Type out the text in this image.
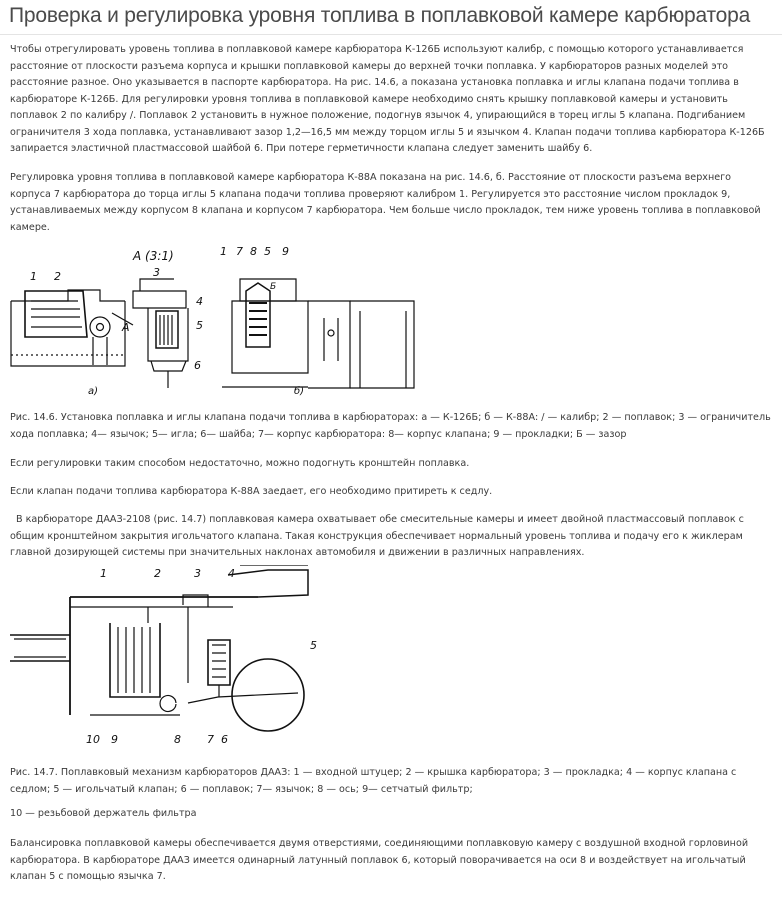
Проверка и регулировка уровня топлива в поплавковой камере карбюратора

Чтобы отрегулировать уровень топлива в поплавковой камере карбюратора К-126Б используют калибр, с помощью которого устанавливается расстояние от плоскости разъема корпуса и крышки поплавковой камеры до верхней точки поплавка. У карбюраторов разных моделей это расстояние разное. Оно указывается в паспорте карбюратора. На рис. 14.6, а показана установка поплавка и иглы клапана подачи топлива в карбюраторе К-126Б. Для регулировки уровня топлива в поплавковой камере необходимо снять крышку поплавковой камеры и установить поплавок 2 по калибру /. Поплавок 2 установить в нужное положение, подогнув язычок 4, упирающийся в торец иглы 5 клапана. Подгибанием ограничителя 3 хода поплавка, устанавливают зазор 1,2—16,5 мм между торцом иглы 5 и язычком 4. Клапан подачи топлива карбюратора К-126Б запирается эластичной пластмассовой шайбой 6. При потере герметичности клапана следует заменить шайбу 6.

Регулировка уровня топлива в поплавковой камере карбюратора К-88А показана на рис. 14.6, б. Расстояние от плоскости разъема верхнего корпуса 7 карбюратора до торца иглы 5 клапана подачи топлива проверяют калибром 1. Регулируется это расстояние числом прокладок 9, устанавливаемых между корпусом 8 клапана и корпусом 7 карбюратора. Чем больше число прокладок, тем ниже уровень топлива в поплавковой камере.

1 2
А (3:1)
3
4
5
6
А
а)
1 7 8 5 9
Б
б)

Рис. 14.6. Установка поплавка и иглы клапана подачи топлива в карбюраторах: а — К-126Б; б — К-88А: / — калибр; 2 — поплавок; 3 — ограничитель хода поплавка; 4— язычок; 5— игла; 6— шайба; 7— корпус карбюратора: 8— корпус клапана; 9 — прокладки; Б — зазор

Если регулировки таким способом недостаточно, можно подогнуть кронштейн поплавка.

Если клапан подачи топлива карбюратора К-88А заедает, его необходимо притиреть к седлу.

В карбюраторе ДААЗ-2108 (рис. 14.7) поплавковая камера охватывает обе смесительные камеры и имеет двойной пластмассовый поплавок с общим кронштейном закрытия игольчатого клапана. Такая конструкция обеспечивает нормальный уровень топлива и подачу его к жиклерам главной дозирующей системы при значительных наклонах автомобиля и движении в различных направлениях.

1	2	3 4
5
6
7
8
9
10

Рис. 14.7. Поплавковый механизм карбюраторов ДААЗ: 1 — входной штуцер; 2 — крышка карбюратора; 3 — прокладка; 4 — корпус клапана с седлом; 5 — игольчатый клапан; 6 — поплавок; 7— язычок; 8 — ось; 9— сетчатый фильтр;

10 — резьбовой держатель фильтра

Балансировка поплавковой камеры обеспечивается двумя отверстиями, соединяющими поплавковую камеру с воздушной входной горловиной карбюратора. В карбюраторе ДААЗ имеется одинарный латунный поплавок 6, который поворачивается на оси 8 и воздействует на игольчатый клапан 5 с помощью язычка 7.
